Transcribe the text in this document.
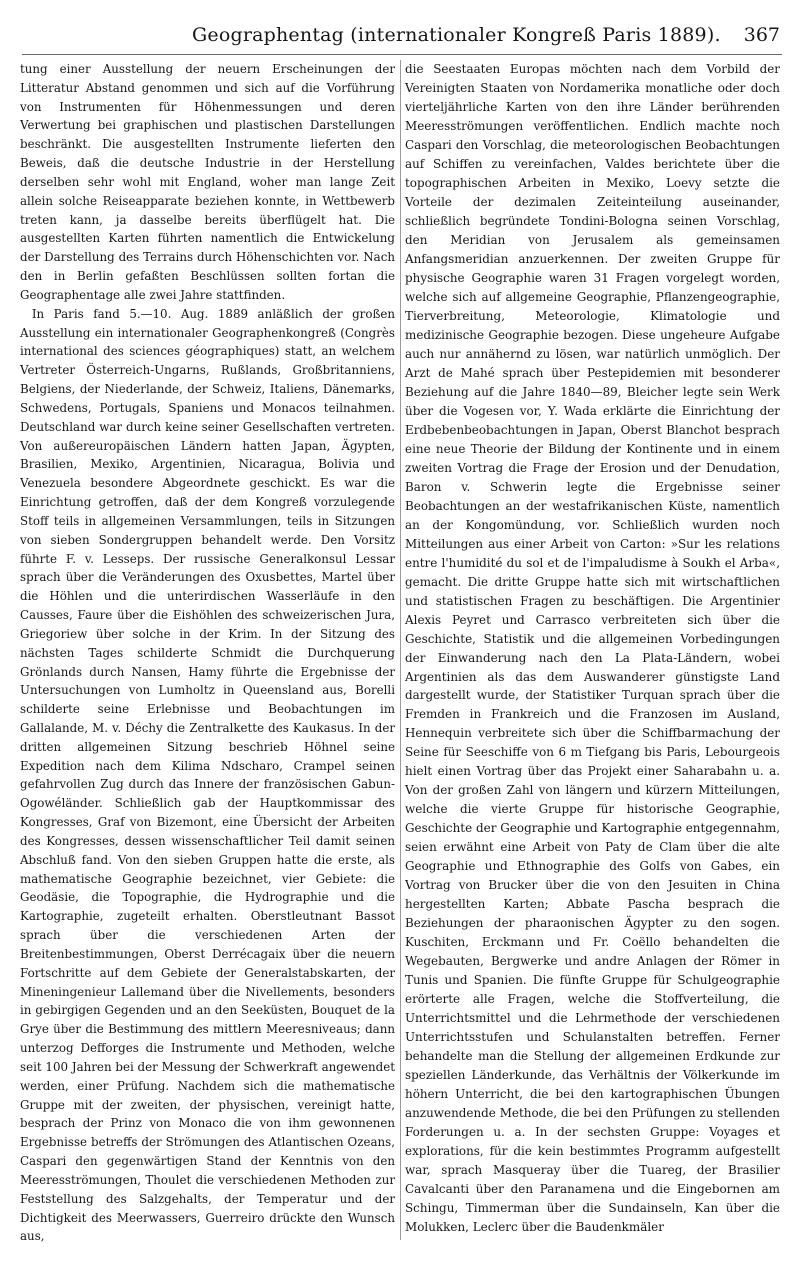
Geographentag (internationaler Kongreß Paris 1889). 367

tung einer Ausstellung der neuern Erscheinungen der Litteratur Abstand genommen und sich auf die Vorführung von Instrumenten für Höhenmessungen und deren Verwertung bei graphischen und plastischen Darstellungen beschränkt. Die ausgestellten Instrumente lieferten den Beweis, daß die deutsche Industrie in der Herstellung derselben sehr wohl mit England, woher man lange Zeit allein solche Reiseapparate beziehen konnte, in Wettbewerb treten kann, ja dasselbe bereits überflügelt hat. Die ausgestellten Karten führten namentlich die Entwickelung der Darstellung des Terrains durch Höhenschichten vor. Nach den in Berlin gefaßten Beschlüssen sollten fortan die Geographentage alle zwei Jahre stattfinden.

In Paris fand 5.—10. Aug. 1889 anläßlich der großen Ausstellung ein internationaler Geographenkongreß (Congrès international des sciences géographiques) statt, an welchem Vertreter Österreich-Ungarns, Rußlands, Großbritanniens, Belgiens, der Niederlande, der Schweiz, Italiens, Dänemarks, Schwedens, Portugals, Spaniens und Monacos teilnahmen. Deutschland war durch keine seiner Gesellschaften vertreten. Von außereuropäischen Ländern hatten Japan, Ägypten, Brasilien, Mexiko, Argentinien, Nicaragua, Bolivia und Venezuela besondere Abgeordnete geschickt. Es war die Einrichtung getroffen, daß der dem Kongreß vorzulegende Stoff teils in allgemeinen Versammlungen, teils in Sitzungen von sieben Sondergruppen behandelt werde. Den Vorsitz führte F. v. Lesseps. Der russische Generalkonsul Lessar sprach über die Veränderungen des Oxusbettes, Martel über die Höhlen und die unterirdischen Wasserläufe in den Causses, Faure über die Eishöhlen des schweizerischen Jura, Griegoriew über solche in der Krim. In der Sitzung des nächsten Tages schilderte Schmidt die Durchquerung Grönlands durch Nansen, Hamy führte die Ergebnisse der Untersuchungen von Lumholtz in Queensland aus, Borelli schilderte seine Erlebnisse und Beobachtungen im Gallalande, M. v. Déchy die Zentralkette des Kaukasus. In der dritten allgemeinen Sitzung beschrieb Höhnel seine Expedition nach dem Kilima Ndscharo, Crampel seinen gefahrvollen Zug durch das Innere der französischen Gabun-Ogowéländer. Schließlich gab der Hauptkommissar des Kongresses, Graf von Bizemont, eine Übersicht der Arbeiten des Kongresses, dessen wissenschaftlicher Teil damit seinen Abschluß fand. Von den sieben Gruppen hatte die erste, als mathematische Geographie bezeichnet, vier Gebiete: die Geodäsie, die Topographie, die Hydrographie und die Kartographie, zugeteilt erhalten. Oberstleutnant Bassot sprach über die verschiedenen Arten der Breitenbestimmungen, Oberst Derrécagaix über die neuern Fortschritte auf dem Gebiete der Generalstabskarten, der Mineningenieur Lallemand über die Nivellements, besonders in gebirgigen Gegenden und an den Seeküsten, Bouquet de la Grye über die Bestimmung des mittlern Meeresniveaus; dann unterzog Defforges die Instrumente und Methoden, welche seit 100 Jahren bei der Messung der Schwerkraft angewendet werden, einer Prüfung. Nachdem sich die mathematische Gruppe mit der zweiten, der physischen, vereinigt hatte, besprach der Prinz von Monaco die von ihm gewonnenen Ergebnisse betreffs der Strömungen des Atlantischen Ozeans, Caspari den gegenwärtigen Stand der Kenntnis von den Meeresströmungen, Thoulet die verschiedenen Methoden zur Feststellung des Salzgehalts, der Temperatur und der Dichtigkeit des Meerwassers, Guerreiro drückte den Wunsch aus,

die Seestaaten Europas möchten nach dem Vorbild der Vereinigten Staaten von Nordamerika monatliche oder doch vierteljährliche Karten von den ihre Länder berührenden Meeresströmungen veröffentlichen. Endlich machte noch Caspari den Vorschlag, die meteorologischen Beobachtungen auf Schiffen zu vereinfachen, Valdes berichtete über die topographischen Arbeiten in Mexiko, Loevy setzte die Vorteile der dezimalen Zeiteinteilung auseinander, schließlich begründete Tondini-Bologna seinen Vorschlag, den Meridian von Jerusalem als gemeinsamen Anfangsmeridian anzuerkennen. Der zweiten Gruppe für physische Geographie waren 31 Fragen vorgelegt worden, welche sich auf allgemeine Geographie, Pflanzengeographie, Tierverbreitung, Meteorologie, Klimatologie und medizinische Geographie bezogen. Diese ungeheure Aufgabe auch nur annähernd zu lösen, war natürlich unmöglich. Der Arzt de Mahé sprach über Pestepidemien mit besonderer Beziehung auf die Jahre 1840—89, Bleicher legte sein Werk über die Vogesen vor, Y. Wada erklärte die Einrichtung der Erdbebenbeobachtungen in Japan, Oberst Blanchot besprach eine neue Theorie der Bildung der Kontinente und in einem zweiten Vortrag die Frage der Erosion und der Denudation, Baron v. Schwerin legte die Ergebnisse seiner Beobachtungen an der westafrikanischen Küste, namentlich an der Kongomündung, vor. Schließlich wurden noch Mitteilungen aus einer Arbeit von Carton: »Sur les relations entre l'humidité du sol et de l'impaludisme à Soukh el Arba«, gemacht. Die dritte Gruppe hatte sich mit wirtschaftlichen und statistischen Fragen zu beschäftigen. Die Argentinier Alexis Peyret und Carrasco verbreiteten sich über die Geschichte, Statistik und die allgemeinen Vorbedingungen der Einwanderung nach den La Plata-Ländern, wobei Argentinien als das dem Auswanderer günstigste Land dargestellt wurde, der Statistiker Turquan sprach über die Fremden in Frankreich und die Franzosen im Ausland, Hennequin verbreitete sich über die Schiffbarmachung der Seine für Seeschiffe von 6 m Tiefgang bis Paris, Lebourgeois hielt einen Vortrag über das Projekt einer Saharabahn u. a. Von der großen Zahl von längern und kürzern Mitteilungen, welche die vierte Gruppe für historische Geographie, Geschichte der Geographie und Kartographie entgegennahm, seien erwähnt eine Arbeit von Paty de Clam über die alte Geographie und Ethnographie des Golfs von Gabes, ein Vortrag von Brucker über die von den Jesuiten in China hergestellten Karten; Abbate Pascha besprach die Beziehungen der pharaonischen Ägypter zu den sogen. Kuschiten, Erckmann und Fr. Coëllo behandelten die Wegebauten, Bergwerke und andre Anlagen der Römer in Tunis und Spanien. Die fünfte Gruppe für Schulgeographie erörterte alle Fragen, welche die Stoffverteilung, die Unterrichtsmittel und die Lehrmethode der verschiedenen Unterrichtsstufen und Schulanstalten betreffen. Ferner behandelte man die Stellung der allgemeinen Erdkunde zur speziellen Länderkunde, das Verhältnis der Völkerkunde im höhern Unterricht, die bei den kartographischen Übungen anzuwendende Methode, die bei den Prüfungen zu stellenden Forderungen u. a. In der sechsten Gruppe: Voyages et explorations, für die kein bestimmtes Programm aufgestellt war, sprach Masqueray über die Tuareg, der Brasilier Cavalcanti über den Paranamena und die Eingebornen am Schingu, Timmerman über die Sundainseln, Kan über die Molukken, Leclerc über die Baudenkmäler
